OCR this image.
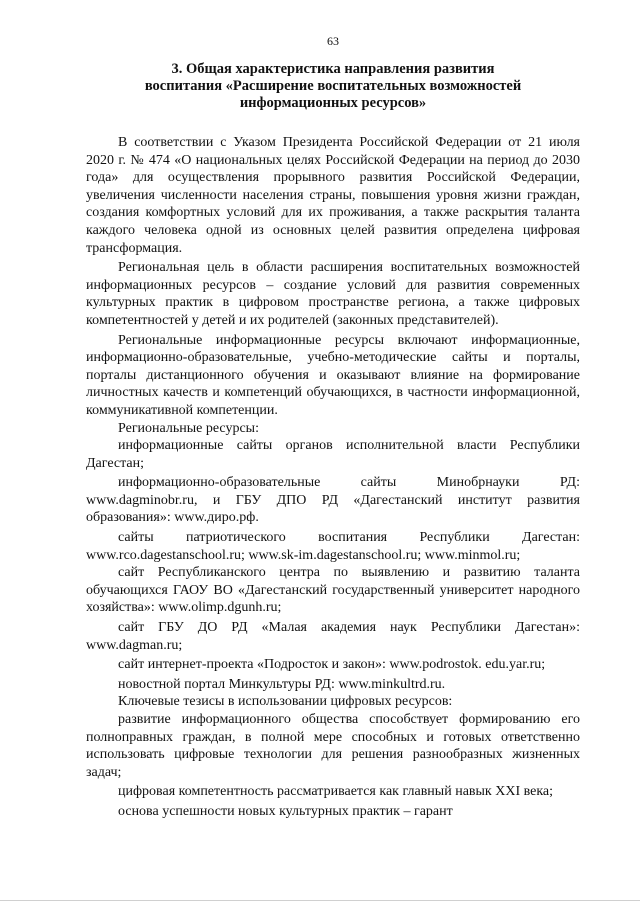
63
3. Общая характеристика направления развития
воспитания «Расширение воспитательных возможностей
информационных ресурсов»

В соответствии с Указом Президента Российской Федерации от 21 июля 2020 г. № 474 «О национальных целях Российской Федерации на период до 2030 года» для осуществления прорывного развития Российской Федерации, увеличения численности населения страны, повышения уровня жизни граждан, создания комфортных условий для их проживания, а также раскрытия таланта каждого человека одной из основных целей развития определена цифровая трансформация.

Региональная цель в области расширения воспитательных возможностей информационных ресурсов – создание условий для развития современных культурных практик в цифровом пространстве региона, а также цифровых компетентностей у детей и их родителей (законных представителей).

Региональные информационные ресурсы включают информационные, информационно-образовательные, учебно-методические сайты и порталы, порталы дистанционного обучения и оказывают влияние на формирование личностных качеств и компетенций обучающихся, в частности информационной, коммуникативной компетенции.

Региональные ресурсы:

информационные сайты органов исполнительной власти Республики Дагестан;

информационно-образовательные сайты Минобрнауки РД: www.dagminobr.ru, и ГБУ ДПО РД «Дагестанский институт развития образования»: www.диро.рф.

сайты патриотического воспитания Республики Дагестан: www.rco.dagestanschool.ru; www.sk-im.dagestanschool.ru; www.minmol.ru;

сайт Республиканского центра по выявлению и развитию таланта обучающихся ГАОУ ВО «Дагестанский государственный университет народного хозяйства»: www.olimp.dgunh.ru;

сайт ГБУ ДО РД «Малая академия наук Республики Дагестан»: www.dagman.ru;

сайт интернет-проекта «Подросток и закон»: www.podrostok. edu.yar.ru;

новостной портал Минкультуры РД: www.minkultrd.ru.

Ключевые тезисы в использовании цифровых ресурсов:

развитие информационного общества способствует формированию его полноправных граждан, в полной мере способных и готовых ответственно использовать цифровые технологии для решения разнообразных жизненных задач;

цифровая компетентность рассматривается как главный навык XXI века;

основа успешности новых культурных практик – гарант
